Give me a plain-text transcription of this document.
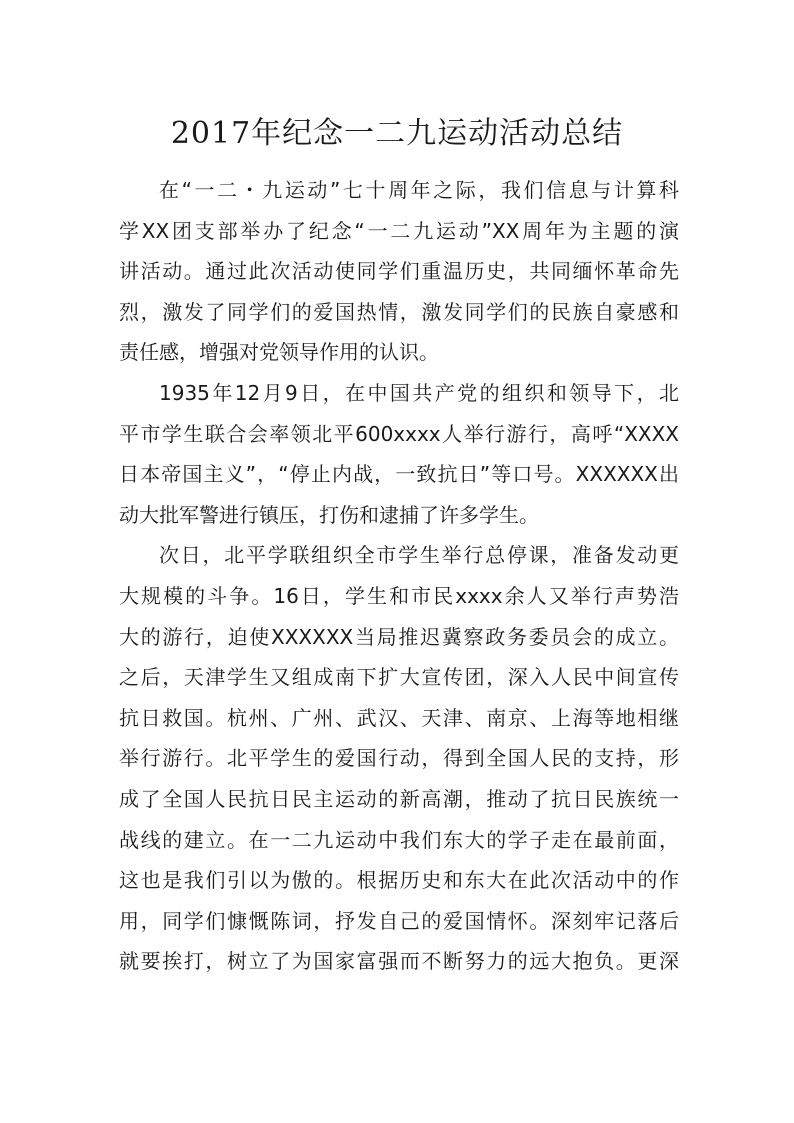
2017年纪念一二九运动活动总结
在“一二・九运动”七十周年之际，我们信息与计算科
学XX团支部举办了纪念“一二九运动”XX周年为主题的演
讲活动。通过此次活动使同学们重温历史，共同缅怀革命先
烈，激发了同学们的爱国热情，激发同学们的民族自豪感和
责任感，增强对党领导作用的认识。
1935年12月9日，在中国共产党的组织和领导下，北
平市学生联合会率领北平600xxxx人举行游行，高呼“XXXX
日本帝国主义”，“停止内战，一致抗日”等口号。XXXXXX出
动大批军警进行镇压，打伤和逮捕了许多学生。
次日，北平学联组织全市学生举行总停课，准备发动更
大规模的斗争。16日，学生和市民xxxx余人又举行声势浩
大的游行，迫使XXXXXX当局推迟冀察政务委员会的成立。
之后，天津学生又组成南下扩大宣传团，深入人民中间宣传
抗日救国。杭州、广州、武汉、天津、南京、上海等地相继
举行游行。北平学生的爱国行动，得到全国人民的支持，形
成了全国人民抗日民主运动的新高潮，推动了抗日民族统一
战线的建立。在一二九运动中我们东大的学子走在最前面，
这也是我们引以为傲的。根据历史和东大在此次活动中的作
用，同学们慷慨陈词，抒发自己的爱国情怀。深刻牢记落后
就要挨打，树立了为国家富强而不断努力的远大抱负。更深
